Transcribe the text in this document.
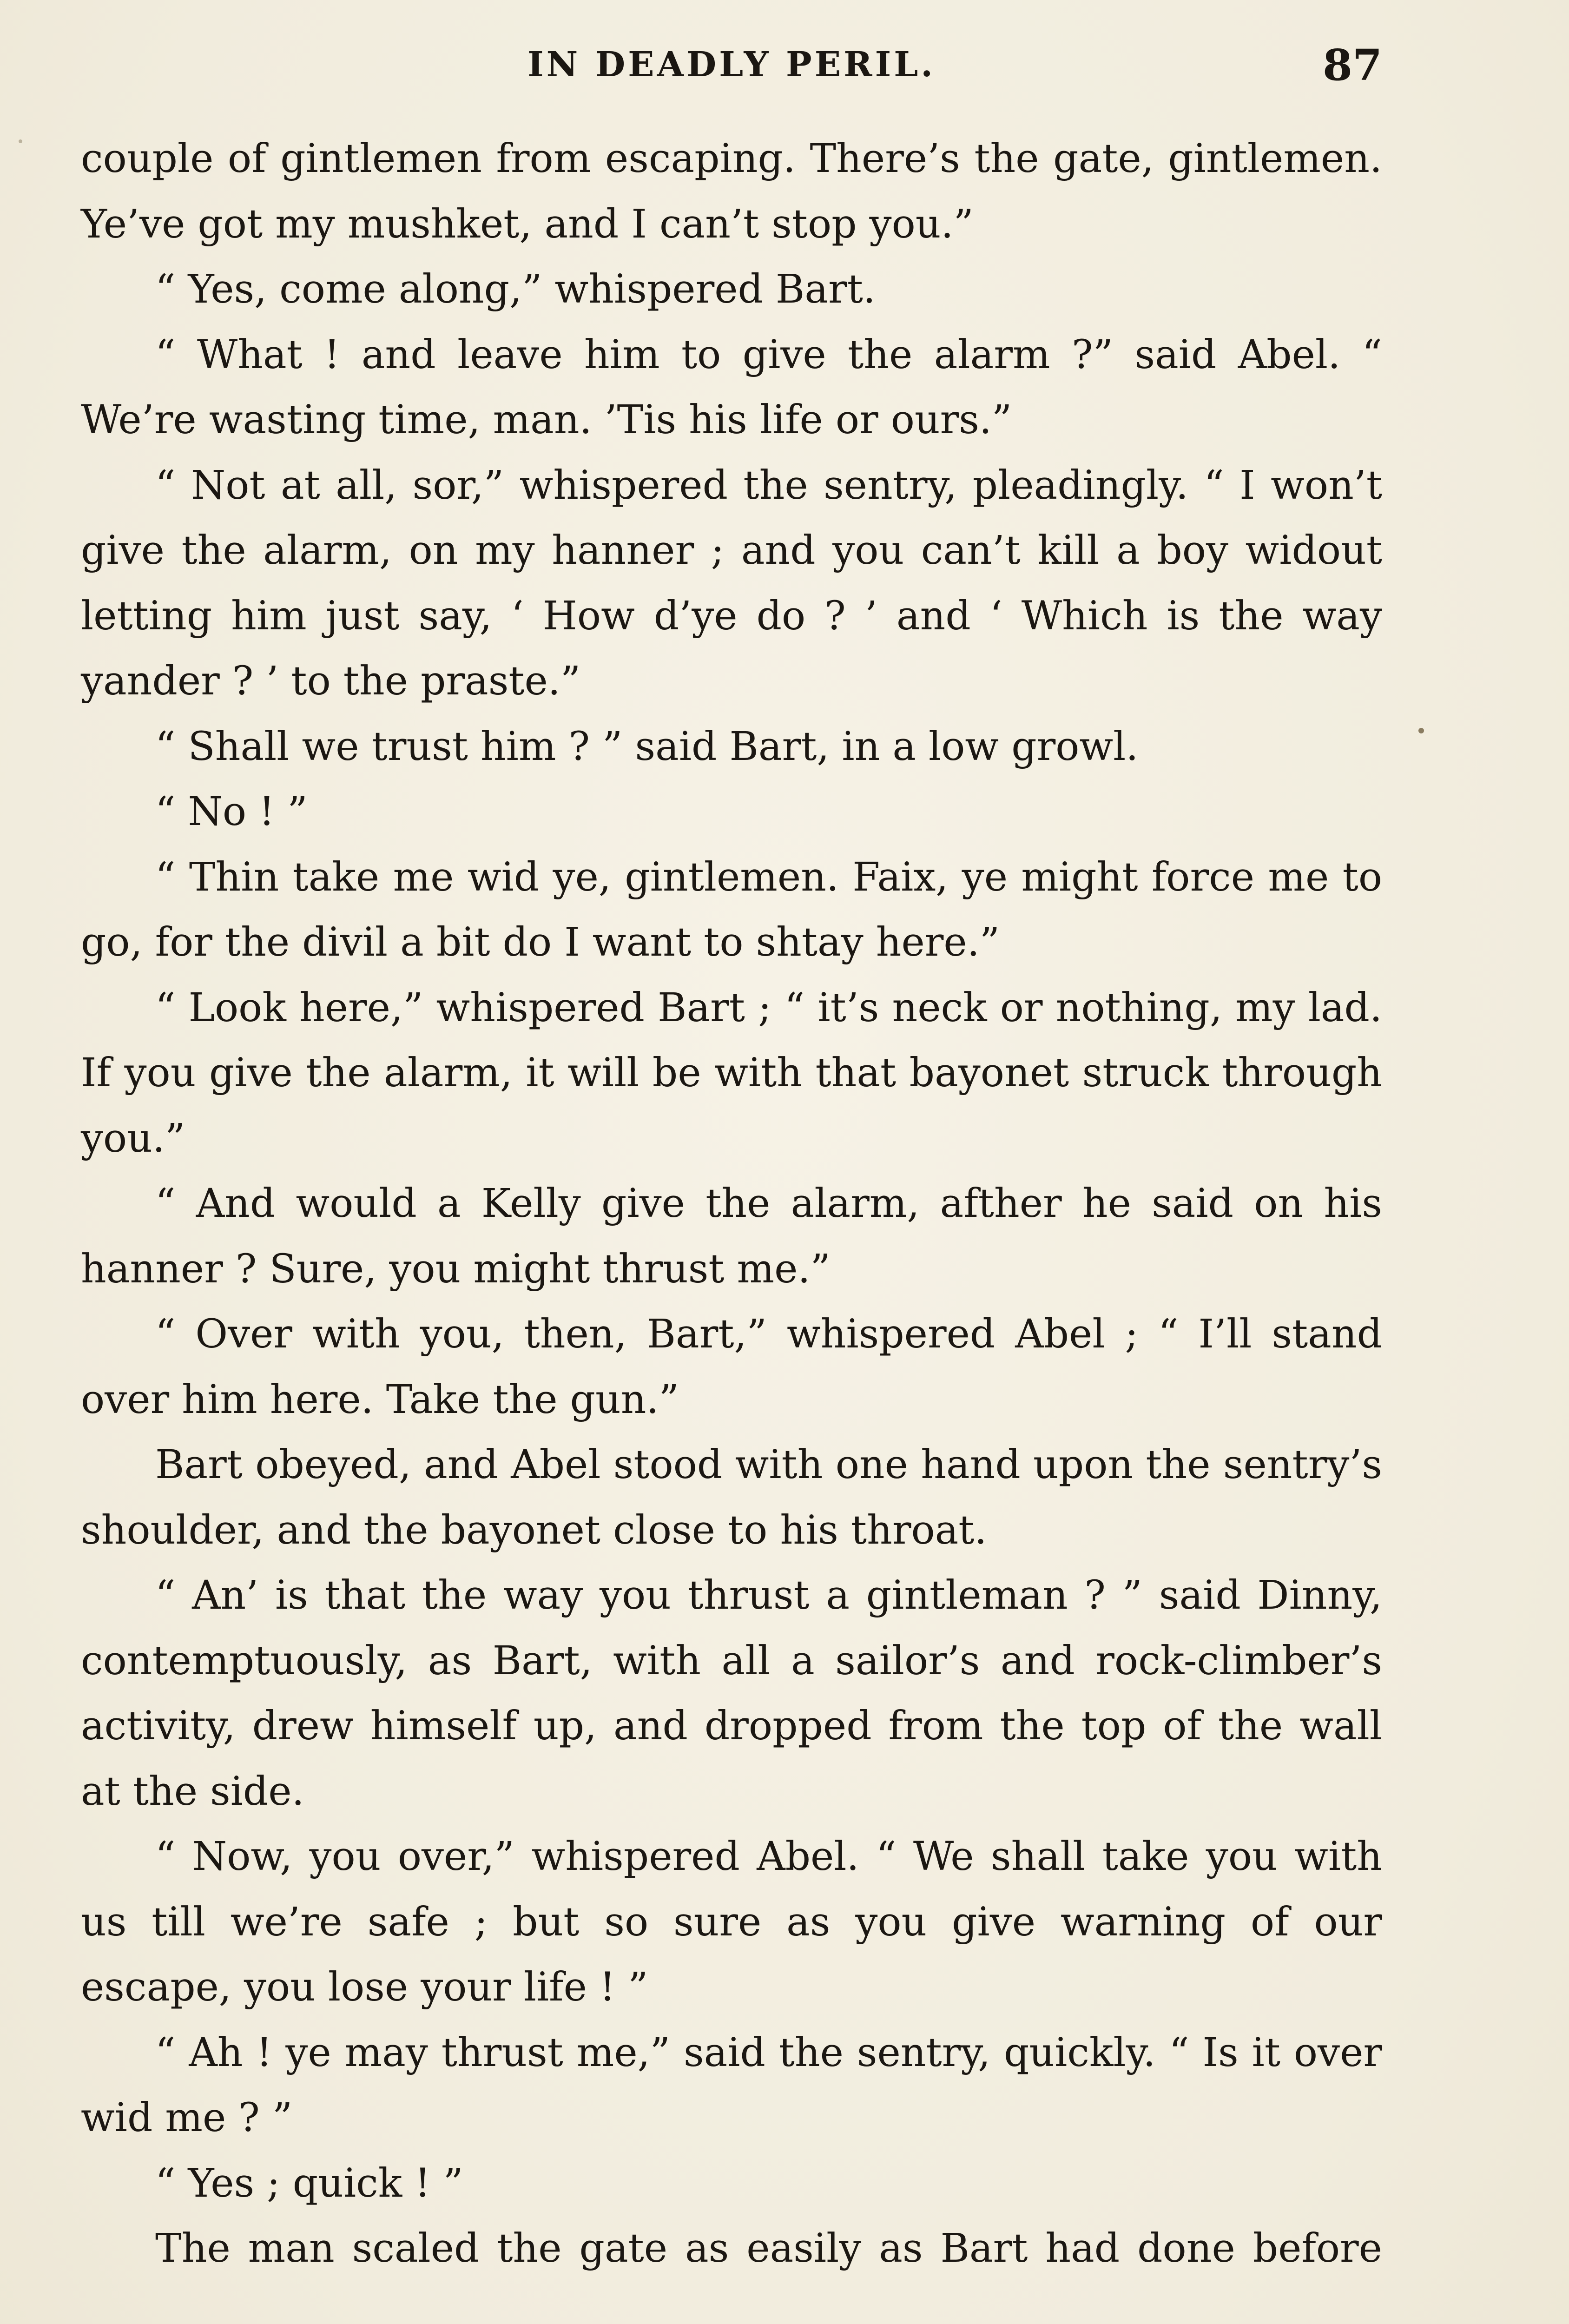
IN DEADLY PERIL.	87

couple of gintlemen from escaping. There’s the gate, gintlemen. Ye’ve got my mushket, and I can’t stop you.”

“ Yes, come along,” whispered Bart.

“ What ! and leave him to give the alarm ?” said Abel. “ We’re wasting time, man. ’Tis his life or ours.”

“ Not at all, sor,” whispered the sentry, pleadingly. “ I won’t give the alarm, on my hanner ; and you can’t kill a boy widout letting him just say, ‘ How d’ye do ? ’ and ‘ Which is the way yander ? ’ to the praste.”

“ Shall we trust him ? ” said Bart, in a low growl.

“ No ! ”

“ Thin take me wid ye, gintlemen. Faix, ye might force me to go, for the divil a bit do I want to shtay here.”

“ Look here,” whispered Bart ; “ it’s neck or nothing, my lad. If you give the alarm, it will be with that bayonet struck through you.”

“ And would a Kelly give the alarm, afther he said on his hanner ? Sure, you might thrust me.”

“ Over with you, then, Bart,” whispered Abel ; “ I’ll stand over him here. Take the gun.”

Bart obeyed, and Abel stood with one hand upon the sentry’s shoulder, and the bayonet close to his throat.

“ An’ is that the way you thrust a gintleman ? ” said Dinny, contemptuously, as Bart, with all a sailor’s and rock-climber’s activity, drew himself up, and dropped from the top of the wall at the side.

“ Now, you over,” whispered Abel. “ We shall take you with us till we’re safe ; but so sure as you give warning of our escape, you lose your life ! ”

“ Ah ! ye may thrust me,” said the sentry, quickly. “ Is it over wid me ? ”

“ Yes ; quick ! ”

The man scaled the gate as easily as Bart had done before
